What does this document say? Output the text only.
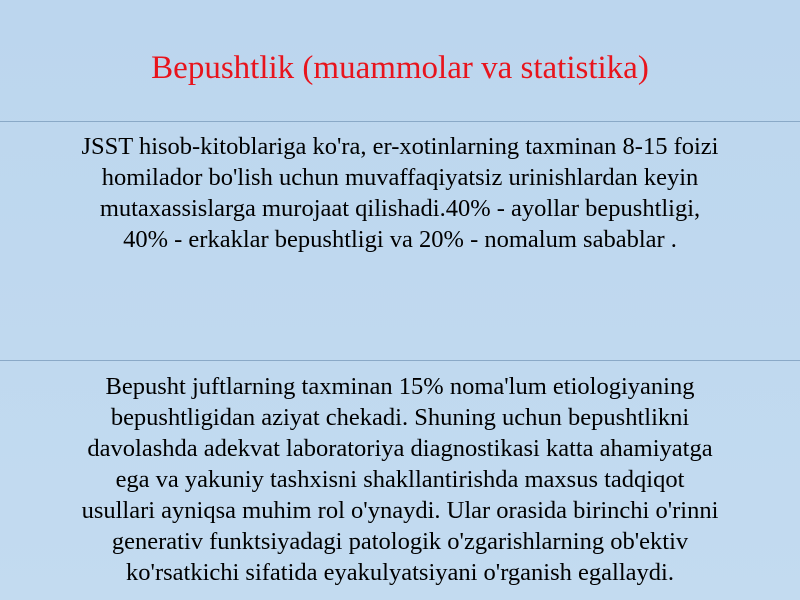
Bepushtlik (muammolar va statistika)
JSST hisob-kitoblariga ko'ra, er-xotinlarning taxminan 8-15 foizi
homilador bo'lish uchun muvaffaqiyatsiz urinishlardan keyin
mutaxassislarga murojaat qilishadi.40% - ayollar bepushtligi,
40% - erkaklar bepushtligi va 20% - nomalum sabablar .
Bepusht juftlarning taxminan 15% noma'lum etiologiyaning
bepushtligidan aziyat chekadi. Shuning uchun bepushtlikni
davolashda adekvat laboratoriya diagnostikasi katta ahamiyatga
ega va yakuniy tashxisni shakllantirishda maxsus tadqiqot
usullari ayniqsa muhim rol o'ynaydi. Ular orasida birinchi o'rinni
generativ funktsiyadagi patologik o'zgarishlarning ob'ektiv
ko'rsatkichi sifatida eyakulyatsiyani o'rganish egallaydi.
